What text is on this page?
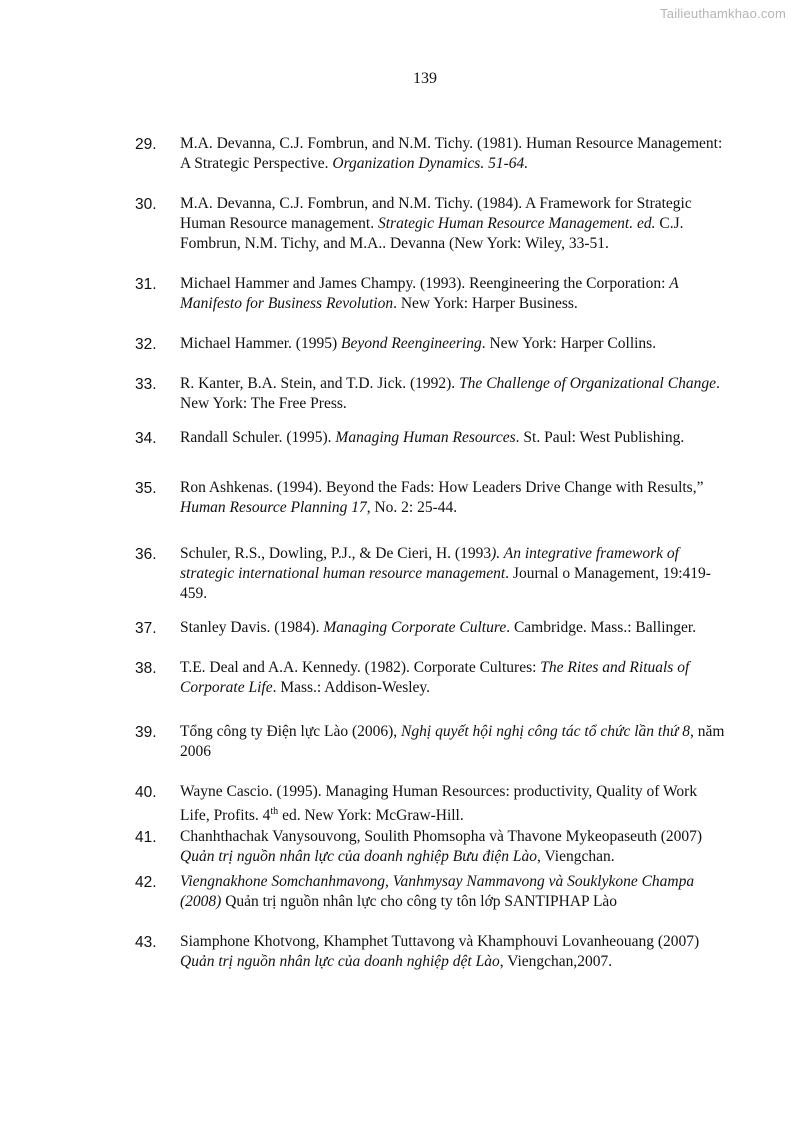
Tailieuthamkhao.com
139
29. M.A. Devanna, C.J. Fombrun, and N.M. Tichy. (1981). Human Resource Management: A Strategic Perspective. Organization Dynamics. 51-64.
30. M.A. Devanna, C.J. Fombrun, and N.M. Tichy. (1984). A Framework for Strategic Human Resource management. Strategic Human Resource Management. ed. C.J. Fombrun, N.M. Tichy, and M.A.. Devanna (New York: Wiley, 33-51.
31. Michael Hammer and James Champy. (1993). Reengineering the Corporation: A Manifesto for Business Revolution. New York: Harper Business.
32. Michael Hammer. (1995) Beyond Reengineering. New York: Harper Collins.
33. R. Kanter, B.A. Stein, and T.D. Jick. (1992). The Challenge of Organizational Change. New York: The Free Press.
34. Randall Schuler. (1995). Managing Human Resources. St. Paul: West Publishing.
35. Ron Ashkenas. (1994). Beyond the Fads: How Leaders Drive Change with Results,” Human Resource Planning 17, No. 2: 25-44.
36. Schuler, R.S., Dowling, P.J., & De Cieri, H. (1993). An integrative framework of strategic international human resource management. Journal o Management, 19:419-459.
37. Stanley Davis. (1984). Managing Corporate Culture. Cambridge. Mass.: Ballinger.
38. T.E. Deal and A.A. Kennedy. (1982). Corporate Cultures: The Rites and Rituals of Corporate Life. Mass.: Addison-Wesley.
39. Tổng công ty Điện lực Lào (2006), Nghị quyết hội nghị công tác tổ chức lần thứ 8, năm 2006
40. Wayne Cascio. (1995). Managing Human Resources: productivity, Quality of Work Life, Profits. 4th ed. New York: McGraw-Hill.
41. Chanhthachak Vanysouvong, Soulith Phomsopha và Thavone Mykeopaseuth (2007) Quản trị nguồn nhân lực của doanh nghiệp Bưu điện Lào, Viengchan.
42. Viengnakhone Somchanhmavong, Vanhmysay Nammavong và Souklykone Champa (2008) Quản trị nguồn nhân lực cho công ty tôn lớp SANTIPHAP Lào
43. Siamphone Khotvong, Khamphet Tuttavong và Khamphouvi Lovanheouang (2007) Quản trị nguồn nhân lực của doanh nghiệp dệt Lào, Viengchan,2007.
